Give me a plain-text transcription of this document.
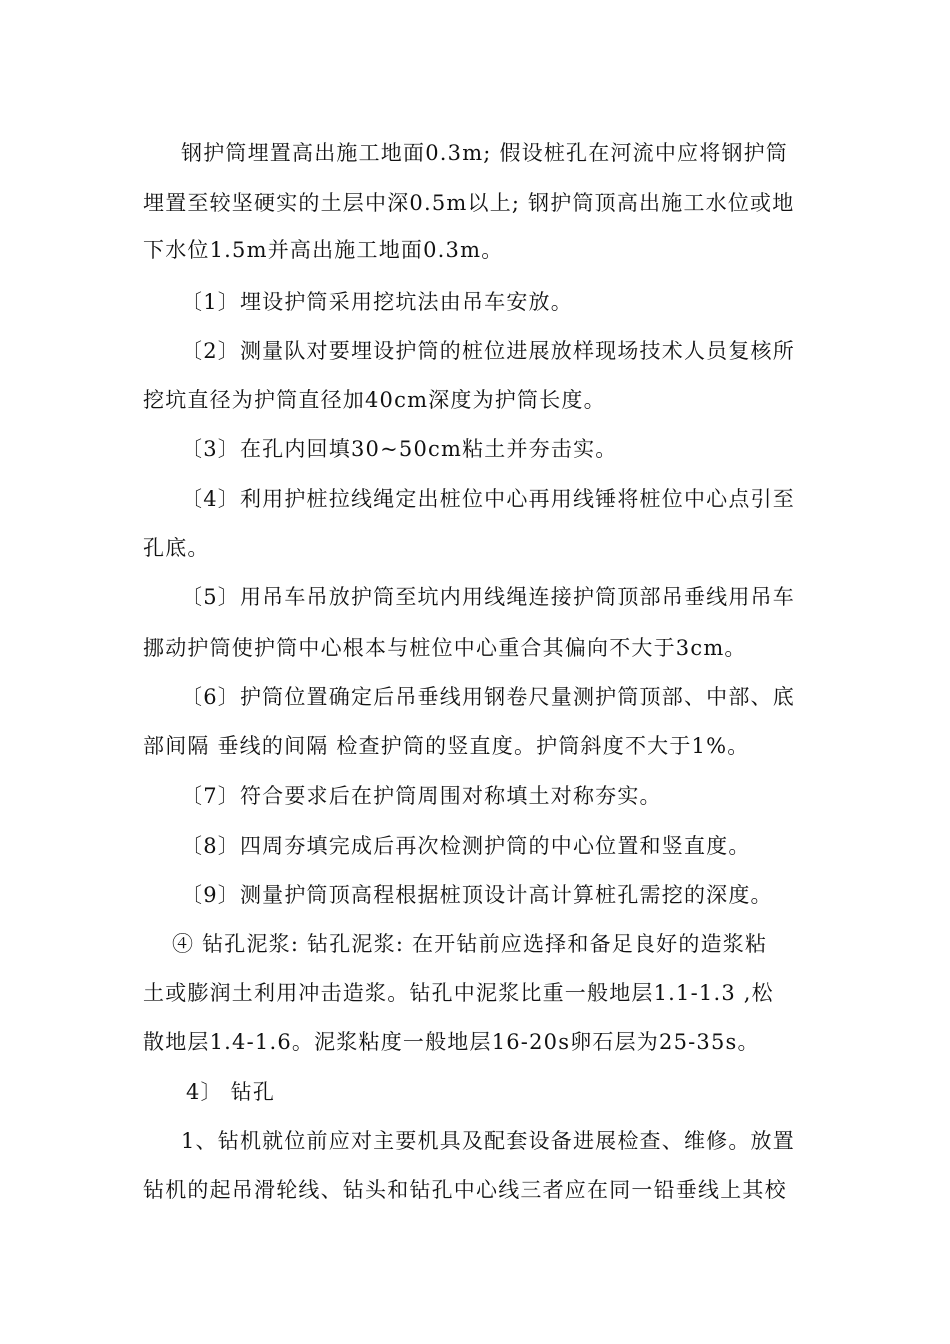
钢护筒埋置高出施工地面0.3m; 假设桩孔在河流中应将钢护筒
埋置至较坚硬实的土层中深0.5m以上; 钢护筒顶高出施工水位或地
下水位1.5m并高出施工地面0.3m。
〔1〕埋设护筒采用挖坑法由吊车安放。
〔2〕测量队对要埋设护筒的桩位进展放样现场技术人员复核所
挖坑直径为护筒直径加40cm深度为护筒长度。
〔3〕在孔内回填30~50cm粘土并夯击实。
〔4〕利用护桩拉线绳定出桩位中心再用线锤将桩位中心点引至
孔底。
〔5〕用吊车吊放护筒至坑内用线绳连接护筒顶部吊垂线用吊车
挪动护筒使护筒中心根本与桩位中心重合其偏向不大于3cm。
〔6〕护筒位置确定后吊垂线用钢卷尺量测护筒顶部、中部、底
部间隔 垂线的间隔 检查护筒的竖直度。护筒斜度不大于1%。
〔7〕符合要求后在护筒周围对称填土对称夯实。
〔8〕四周夯填完成后再次检测护筒的中心位置和竖直度。
〔9〕测量护筒顶高程根据桩顶设计高计算桩孔需挖的深度。
④ 钻孔泥浆: 钻孔泥浆: 在开钻前应选择和备足良好的造浆粘
土或膨润土利用冲击造浆。钻孔中泥浆比重一般地层1.1-1.3 ,松
散地层1.4-1.6。泥浆粘度一般地层16-20s卵石层为25-35s。
4〕 钻孔
1、钻机就位前应对主要机具及配套设备进展检查、维修。放置
钻机的起吊滑轮线、钻头和钻孔中心线三者应在同一铅垂线上其校
